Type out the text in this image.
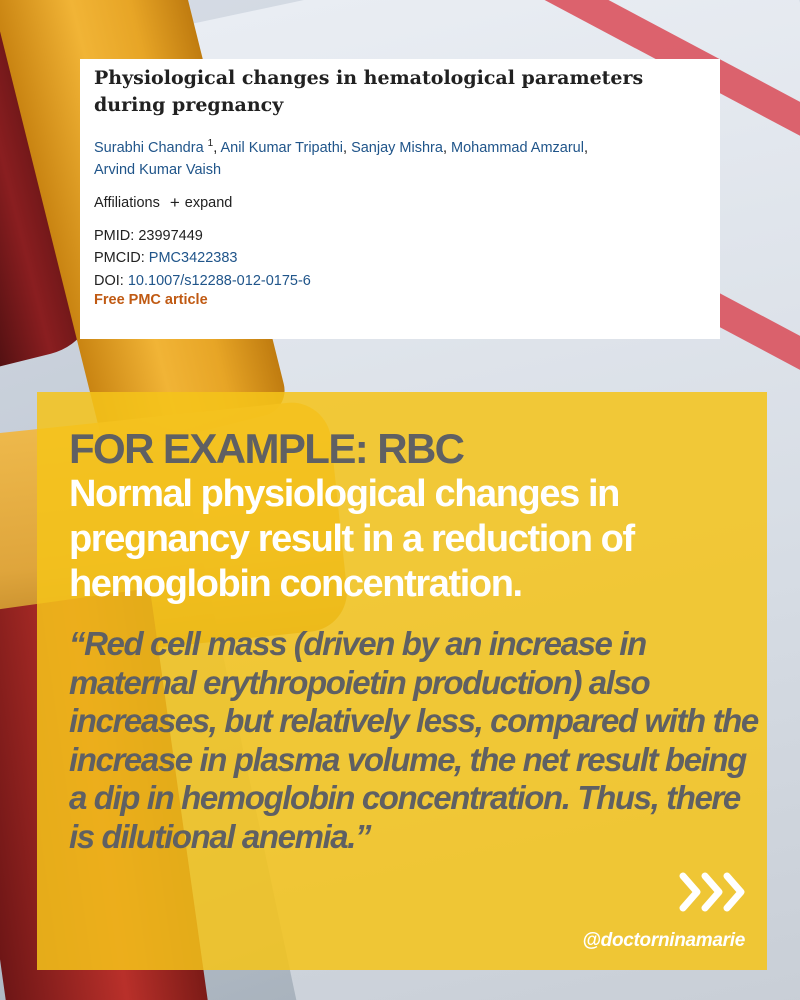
Physiological changes in hematological parameters during pregnancy
Surabhi Chandra $^1$, Anil Kumar Tripathi, Sanjay Mishra, Mohammad Amzarul,
Arvind Kumar Vaish
Affiliations + expand
PMID: 23997449
PMCID: PMC3422383
DOI: 10.1007/s12288-012-0175-6
Free PMC article
FOR EXAMPLE: RBC
Normal physiological changes in pregnancy result in a reduction of hemoglobin concentration.
“Red cell mass (driven by an increase in maternal erythropoietin production) also increases, but relatively less, compared with the increase in plasma volume, the net result being a dip in hemoglobin concentration. Thus, there is dilutional anemia.”
@doctorninamarie
